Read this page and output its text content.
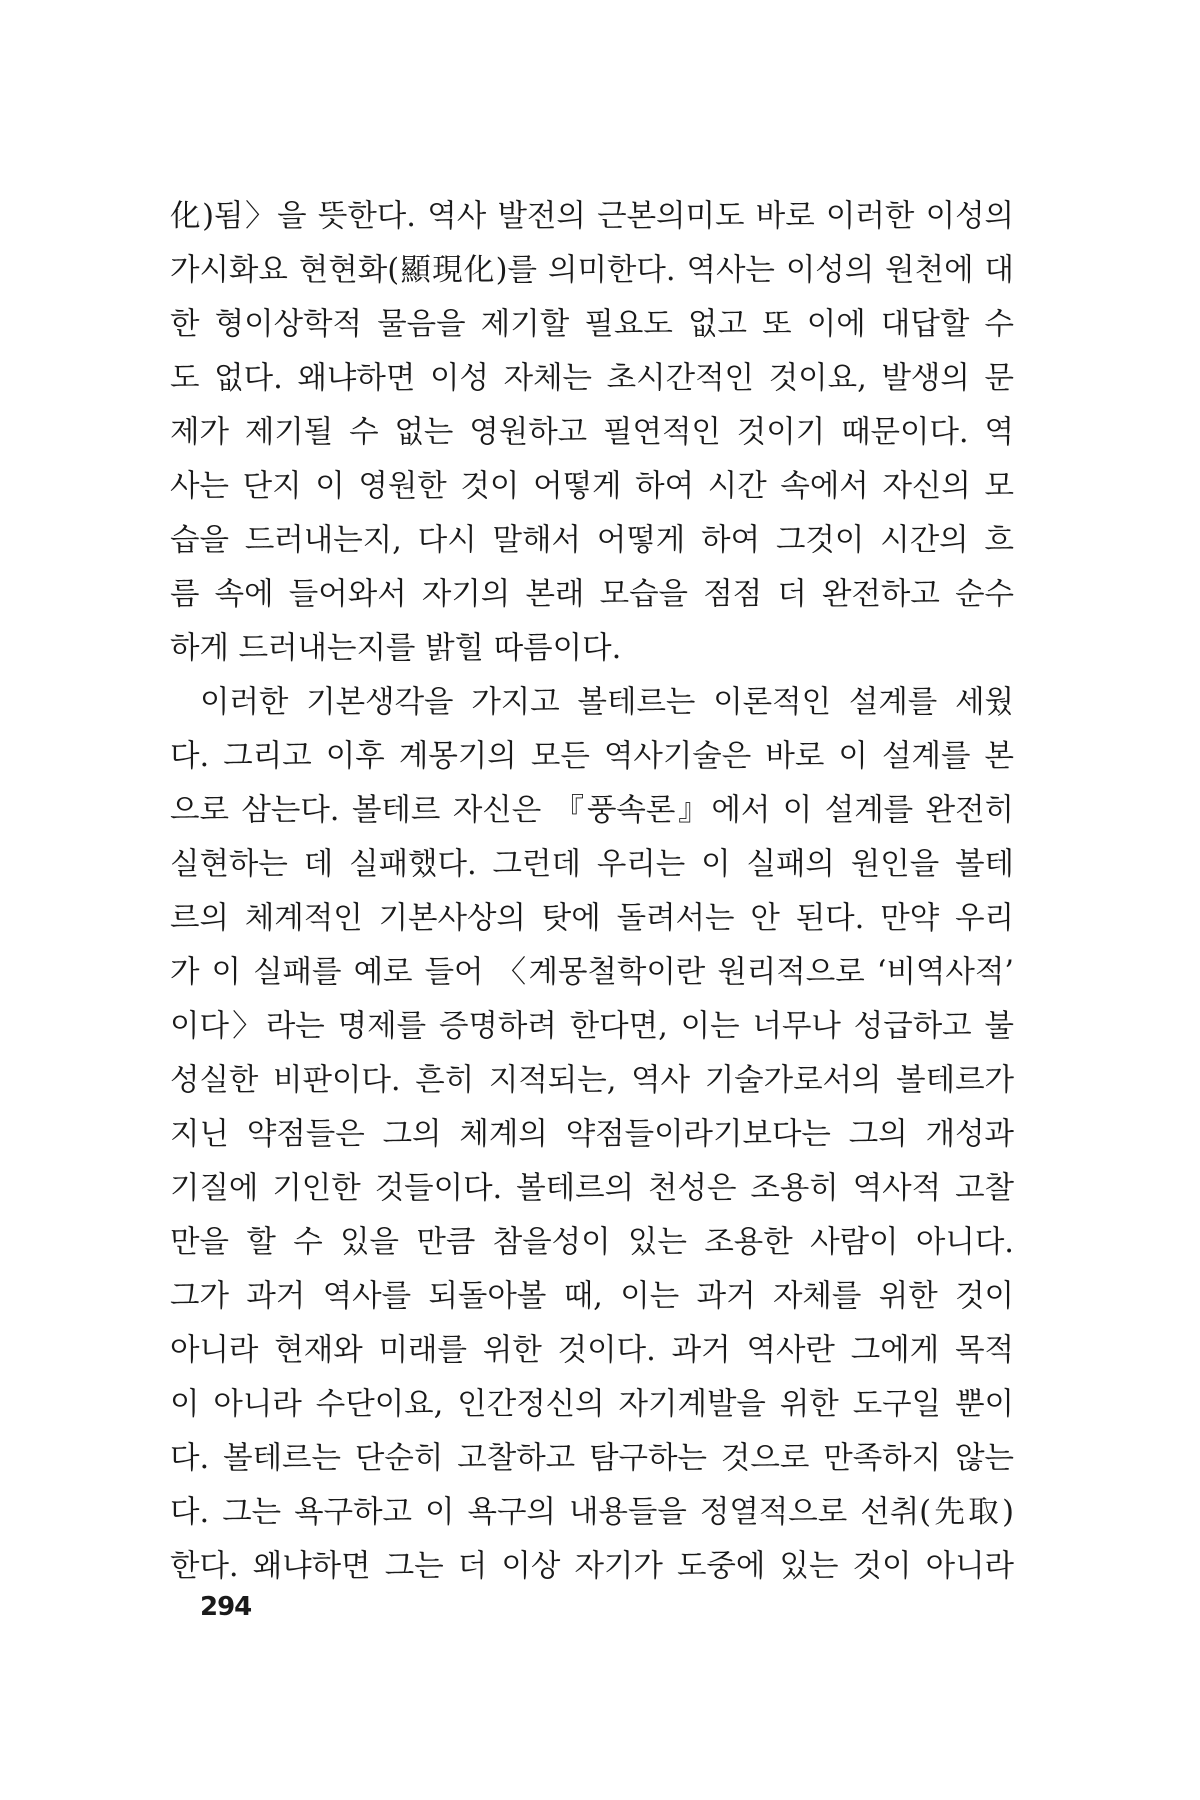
化)됨〉을 뜻한다. 역사 발전의 근본의미도 바로 이러한 이성의
가시화요 현현화(顯現化)를 의미한다. 역사는 이성의 원천에 대
한 형이상학적 물음을 제기할 필요도 없고 또 이에 대답할 수
도 없다. 왜냐하면 이성 자체는 초시간적인 것이요, 발생의 문
제가 제기될 수 없는 영원하고 필연적인 것이기 때문이다. 역
사는 단지 이 영원한 것이 어떻게 하여 시간 속에서 자신의 모
습을 드러내는지, 다시 말해서 어떻게 하여 그것이 시간의 흐
름 속에 들어와서 자기의 본래 모습을 점점 더 완전하고 순수
하게 드러내는지를 밝힐 따름이다.
이러한 기본생각을 가지고 볼테르는 이론적인 설계를 세웠
다. 그리고 이후 계몽기의 모든 역사기술은 바로 이 설계를 본
으로 삼는다. 볼테르 자신은 『풍속론』에서 이 설계를 완전히
실현하는 데 실패했다. 그런데 우리는 이 실패의 원인을 볼테
르의 체계적인 기본사상의 탓에 돌려서는 안 된다. 만약 우리
가 이 실패를 예로 들어 〈계몽철학이란 원리적으로 ‘비역사적’
이다〉라는 명제를 증명하려 한다면, 이는 너무나 성급하고 불
성실한 비판이다. 흔히 지적되는, 역사 기술가로서의 볼테르가
지닌 약점들은 그의 체계의 약점들이라기보다는 그의 개성과
기질에 기인한 것들이다. 볼테르의 천성은 조용히 역사적 고찰
만을 할 수 있을 만큼 참을성이 있는 조용한 사람이 아니다.
그가 과거 역사를 되돌아볼 때, 이는 과거 자체를 위한 것이
아니라 현재와 미래를 위한 것이다. 과거 역사란 그에게 목적
이 아니라 수단이요, 인간정신의 자기계발을 위한 도구일 뿐이
다. 볼테르는 단순히 고찰하고 탐구하는 것으로 만족하지 않는
다. 그는 욕구하고 이 욕구의 내용들을 정열적으로 선취(先取)
한다. 왜냐하면 그는 더 이상 자기가 도중에 있는 것이 아니라
294
